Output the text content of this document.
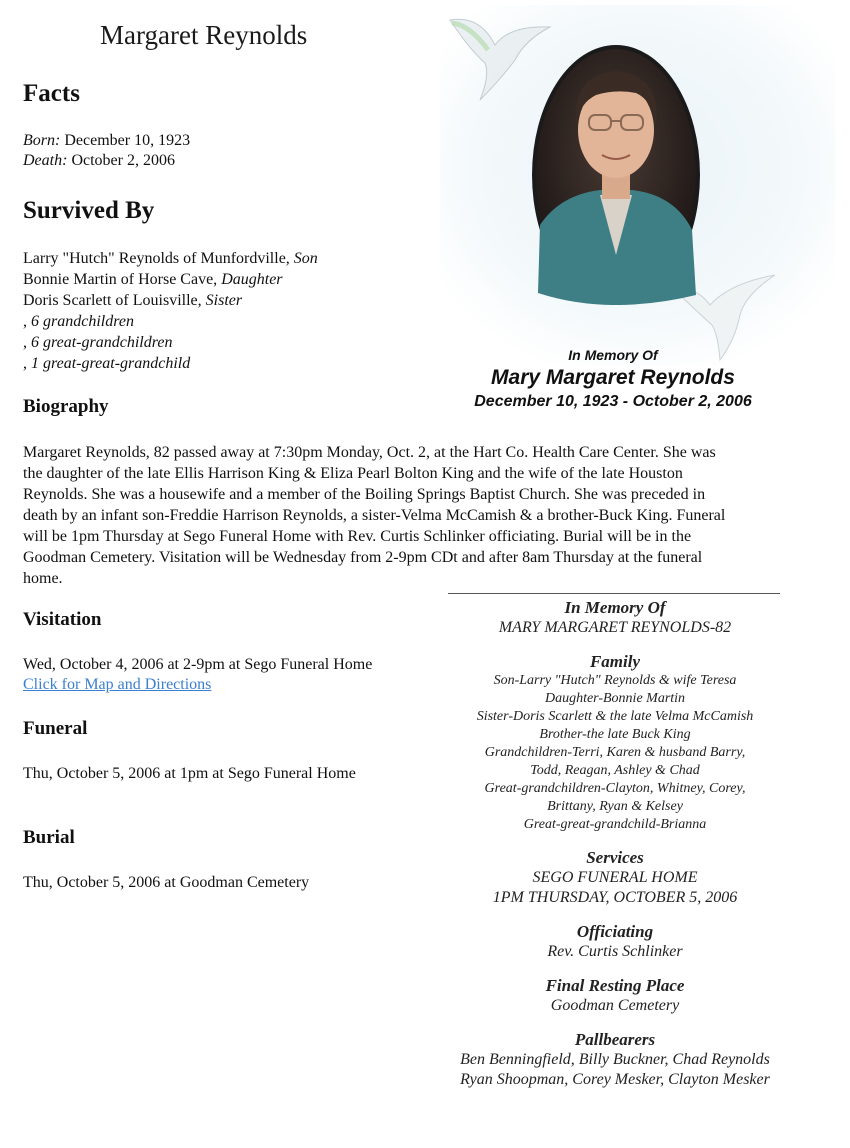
Margaret Reynolds
Facts
Born: December 10, 1923
Death: October 2, 2006
Survived By
Larry "Hutch" Reynolds of Munfordville, Son
Bonnie Martin of Horse Cave, Daughter
Doris Scarlett of Louisville, Sister
, 6 grandchildren
, 6 great-grandchildren
, 1 great-great-grandchild
Biography
Margaret Reynolds, 82 passed away at 7:30pm Monday, Oct. 2, at the Hart Co. Health Care Center. She was
the daughter of the late Ellis Harrison King & Eliza Pearl Bolton King and the wife of the late Houston
Reynolds. She was a housewife and a member of the Boiling Springs Baptist Church. She was preceded in
death by an infant son-Freddie Harrison Reynolds, a sister-Velma McCamish & a brother-Buck King. Funeral
will be 1pm Thursday at Sego Funeral Home with Rev. Curtis Schlinker officiating. Burial will be in the
Goodman Cemetery. Visitation will be Wednesday from 2-9pm CDt and after 8am Thursday at the funeral
home.
Visitation
Wed, October 4, 2006 at 2-9pm at Sego Funeral Home
Click for Map and Directions
Funeral
Thu, October 5, 2006 at 1pm at Sego Funeral Home
Burial
Thu, October 5, 2006 at Goodman Cemetery
In Memory Of
Mary Margaret Reynolds
December 10, 1923 - October 2, 2006
In Memory Of
MARY MARGARET REYNOLDS-82
Family
Son-Larry "Hutch" Reynolds & wife Teresa
Daughter-Bonnie Martin
Sister-Doris Scarlett & the late Velma McCamish
Brother-the late Buck King
Grandchildren-Terri, Karen & husband Barry,
Todd, Reagan, Ashley & Chad
Great-grandchildren-Clayton, Whitney, Corey,
Brittany, Ryan & Kelsey
Great-great-grandchild-Brianna
Services
SEGO FUNERAL HOME
1PM THURSDAY, OCTOBER 5, 2006
Officiating
Rev. Curtis Schlinker
Final Resting Place
Goodman Cemetery
Pallbearers
Ben Benningfield, Billy Buckner, Chad Reynolds
Ryan Shoopman, Corey Mesker, Clayton Mesker
